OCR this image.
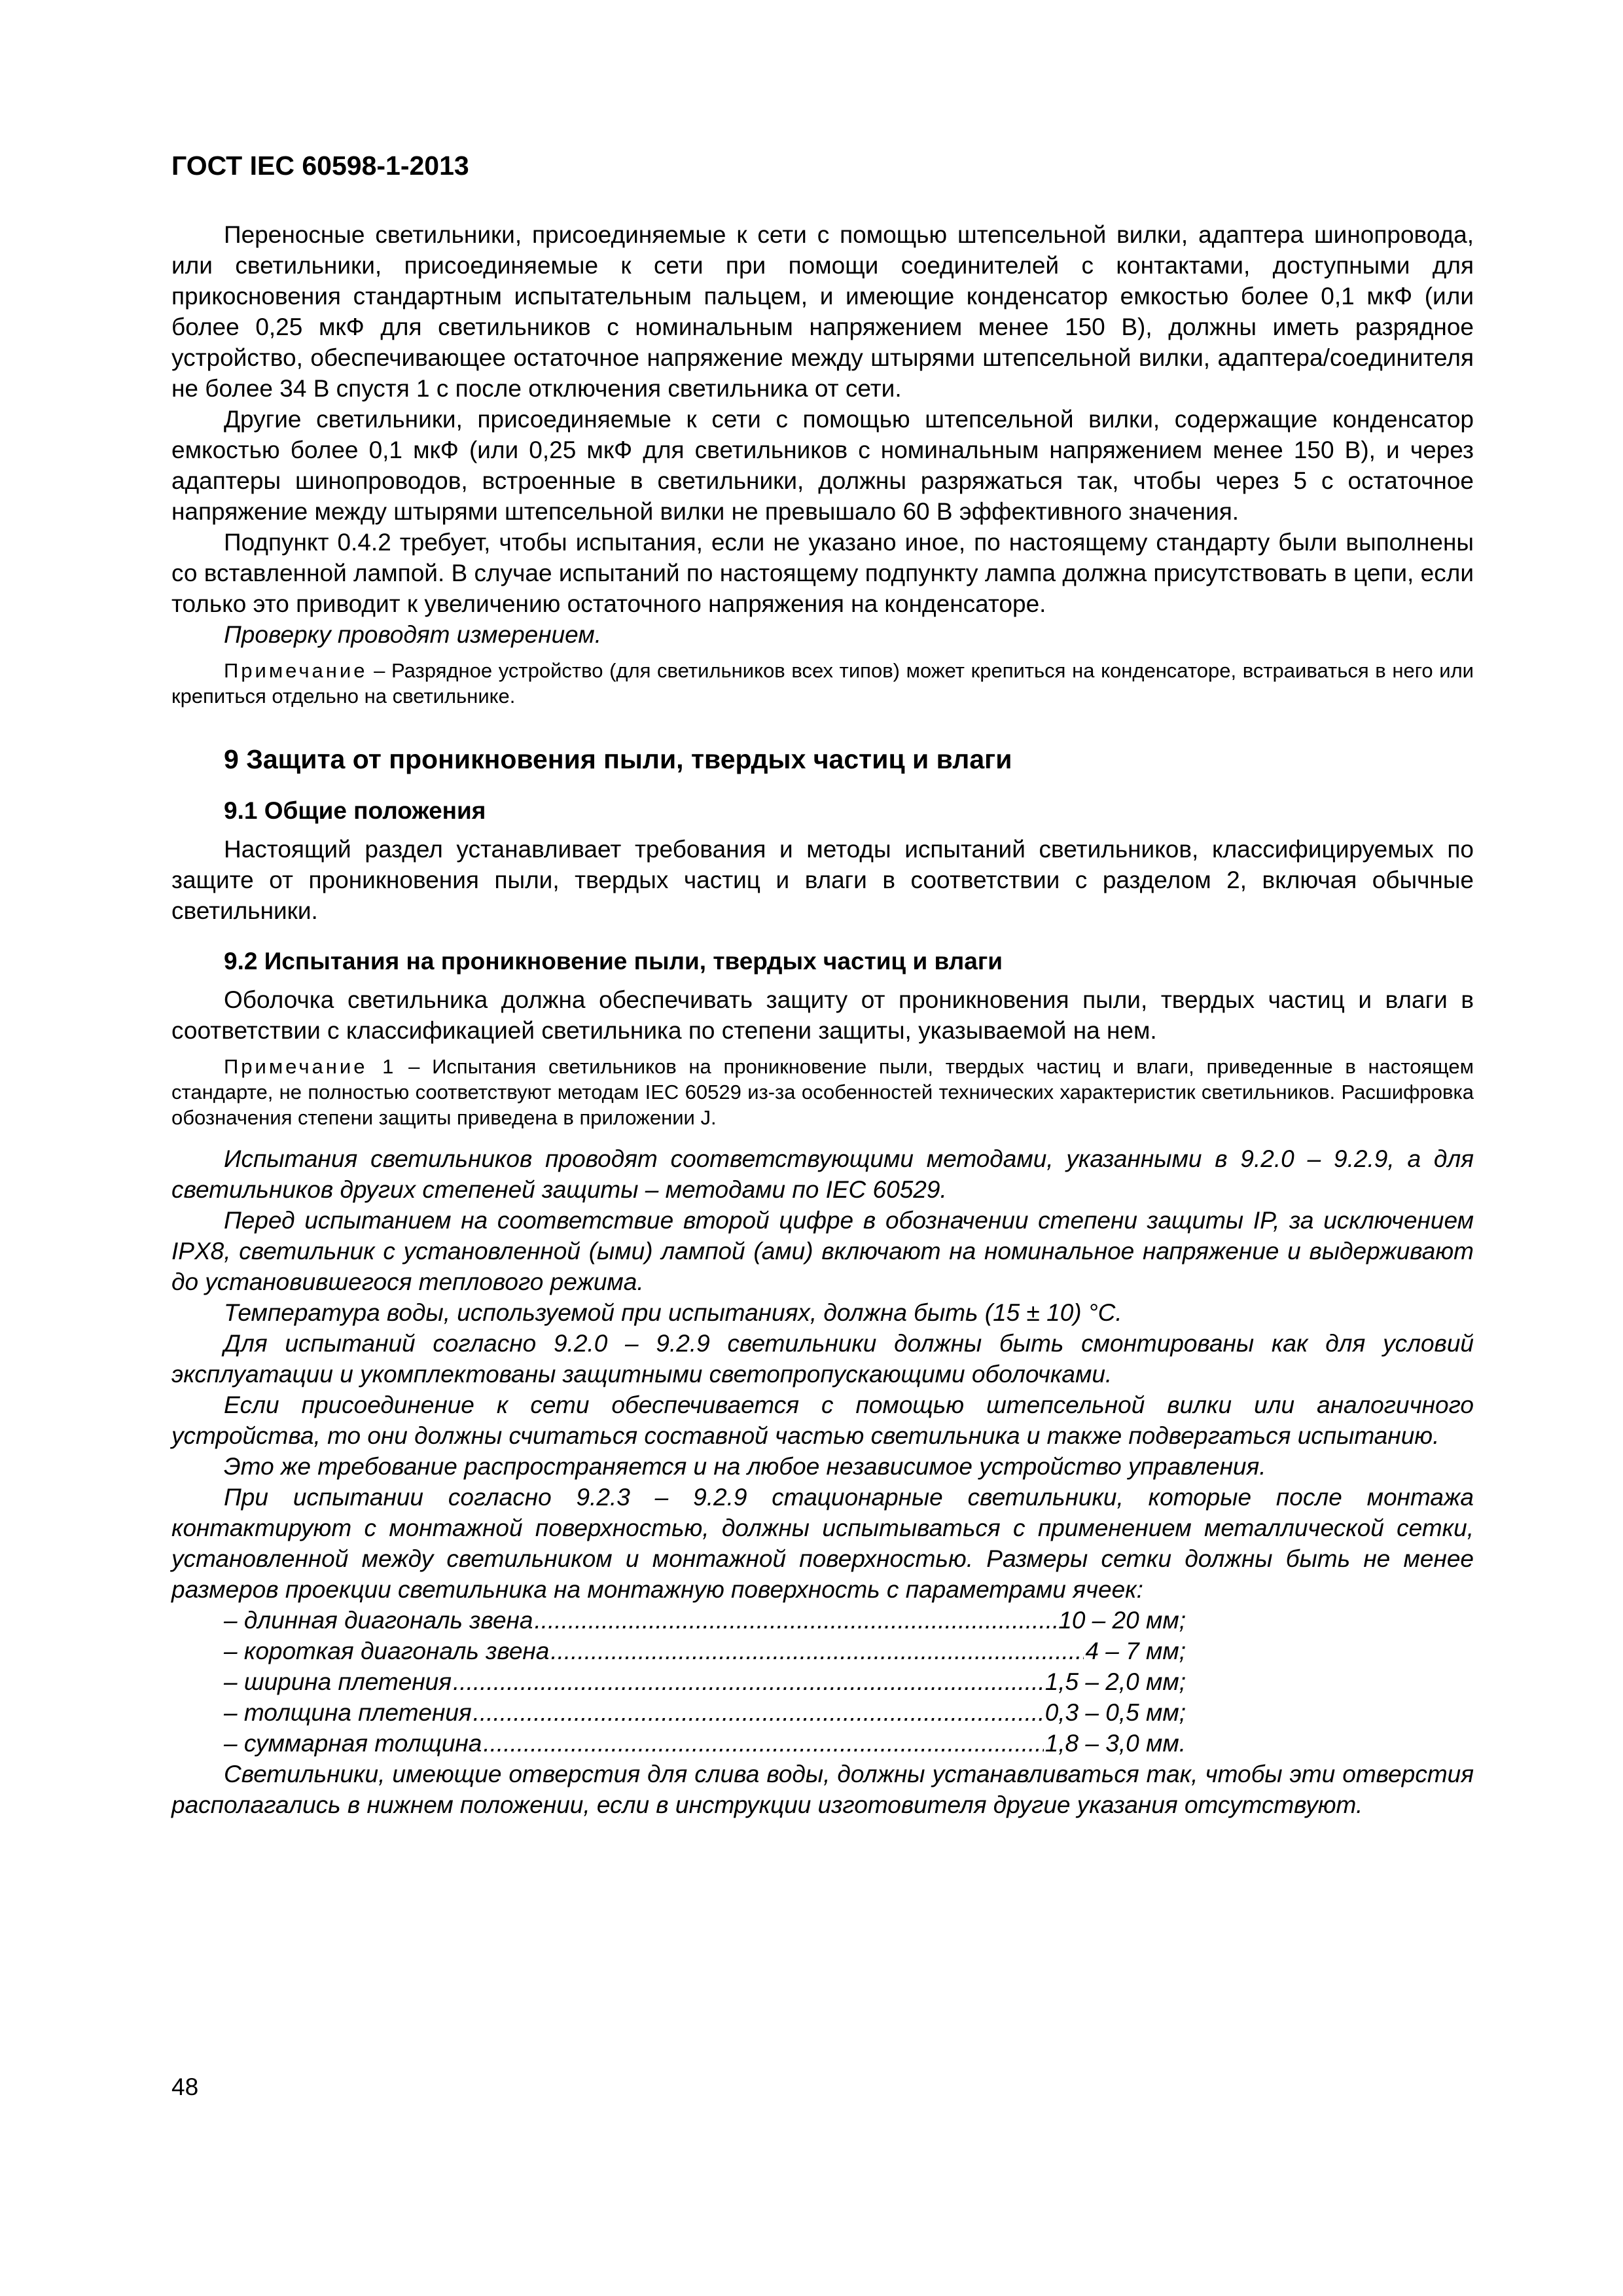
ГОСТ IEC 60598-1-2013

Переносные светильники, присоединяемые к сети с помощью штепсельной вилки, адаптера шинопровода, или светильники, присоединяемые к сети при помощи соединителей с контактами, доступными для прикосновения стандартным испытательным пальцем, и имеющие конденсатор емкостью более 0,1 мкФ (или более 0,25 мкФ для светильников с номинальным напряжением менее 150 В), должны иметь разрядное устройство, обеспечивающее остаточное напряжение между штырями штепсельной вилки, адаптера/соединителя не более 34 В спустя 1 с после отключения светильника от сети.

Другие светильники, присоединяемые к сети с помощью штепсельной вилки, содержащие конденсатор емкостью более 0,1 мкФ (или 0,25 мкФ для светильников с номинальным напряжением менее 150 В), и через адаптеры шинопроводов, встроенные в светильники, должны разряжаться так, чтобы через 5 с остаточное напряжение между штырями штепсельной вилки не превышало 60 В эффективного значения.

Подпункт 0.4.2 требует, чтобы испытания, если не указано иное, по настоящему стандарту были выполнены со вставленной лампой. В случае испытаний по настоящему подпункту лампа должна присутствовать в цепи, если только это приводит к увеличению остаточного напряжения на конденсаторе.

Проверку проводят измерением.

Примечание – Разрядное устройство (для светильников всех типов) может крепиться на конденсаторе, встраиваться в него или крепиться отдельно на светильнике.
9 Защита от проникновения пыли, твердых частиц и влаги
9.1 Общие положения

Настоящий раздел устанавливает требования и методы испытаний светильников, классифицируемых по защите от проникновения пыли, твердых частиц и влаги в соответствии с разделом 2, включая обычные светильники.

9.2 Испытания на проникновение пыли, твердых частиц и влаги

Оболочка светильника должна обеспечивать защиту от проникновения пыли, твердых частиц и влаги в соответствии с классификацией светильника по степени защиты, указываемой на нем.

Примечание 1 – Испытания светильников на проникновение пыли, твердых частиц и влаги, приведенные в настоящем стандарте, не полностью соответствуют методам IEC 60529 из-за особенностей технических характеристик светильников. Расшифровка обозначения степени защиты приведена в приложении J.

Испытания светильников проводят соответствующими методами, указанными в 9.2.0 – 9.2.9, а для светильников других степеней защиты – методами по IEC 60529.

Перед испытанием на соответствие второй цифре в обозначении степени защиты IP, за исключением IPX8, светильник с установленной (ыми) лампой (ами) включают на номинальное напряжение и выдерживают до установившегося теплового режима.

Температура воды, используемой при испытаниях, должна быть (15 ± 10) °С.

Для испытаний согласно 9.2.0 – 9.2.9 светильники должны быть смонтированы как для условий эксплуатации и укомплектованы защитными светопропускающими оболочками.

Если присоединение к сети обеспечивается с помощью штепсельной вилки или аналогичного устройства, то они должны считаться составной частью светильника и также подвергаться испытанию.

Это же требование распространяется и на любое независимое устройство управления.

При испытании согласно 9.2.3 – 9.2.9 стационарные светильники, которые после монтажа контактируют с монтажной поверхностью, должны испытываться с применением металлической сетки, установленной между светильником и монтажной поверхностью. Размеры сетки должны быть не менее размеров проекции светильника на монтажную поверхность с параметрами ячеек:

– длинная диагональ звена .....	10 – 20 мм;
– короткая диагональ звена .....	4 – 7 мм;
– ширина плетения .....	1,5 – 2,0 мм;
– толщина плетения .....	0,3 – 0,5 мм;
– суммарная толщина .....	1,8 – 3,0 мм.

Светильники, имеющие отверстия для слива воды, должны устанавливаться так, чтобы эти отверстия располагались в нижнем положении, если в инструкции изготовителя другие указания отсутствуют.

48
